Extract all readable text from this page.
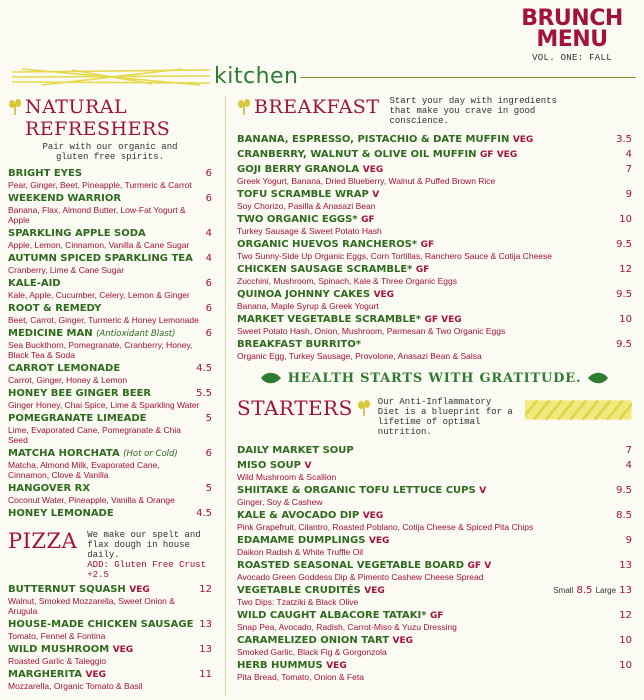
BRUNCH
MENU
VOL. ONE: FALL
kitchen
NATURAL REFRESHERS
Pair with our organic and gluten free spirits.
BRIGHT EYES
Pear, Ginger, Beet, Pineapple, Turmeric & Carrot
6
WEEKEND WARRIOR
Banana, Flax, Almond Butter, Low-Fat Yogurt & Apple
6
SPARKLING APPLE SODA
Apple, Lemon, Cinnamon, Vanilla & Cane Sugar
4
AUTUMN SPICED SPARKLING TEA
Cranberry, Lime & Cane Sugar
4
KALE-AID
Kale, Apple, Cucumber, Celery, Lemon & Ginger
6
ROOT & REMEDY
Beet, Carrot, Ginger, Turmeric & Honey Lemonade
6
MEDICINE MAN (Antioxidant Blast)
Sea Buckthorn, Pomegranate, Cranberry, Honey, Black Tea & Soda
6
CARROT LEMONADE
Carrot, Ginger, Honey & Lemon
4.5
HONEY BEE GINGER BEER
Ginger Honey, Chai Spice, Lime & Sparkling Water
5.5
POMEGRANATE LIMEADE
Lime, Evaporated Cane, Pomegranate & Chia Seed
5
MATCHA HORCHATA (Hot or Cold)
Matcha, Almond Milk, Evaporated Cane, Cinnamon, Clove & Vanilla
6
HANGOVER RX
Coconut Water, Pineapple, Vanilla & Orange
5
HONEY LEMONADE	4.5
PIZZA We make our spelt and flax dough in house daily.
ADD: Gluten Free Crust +2.5
BUTTERNUT SQUASH VEG
Walnut, Smoked Mozzarella, Sweet Onion & Arugula
12
HOUSE-MADE CHICKEN SAUSAGE
Tomato, Fennel & Fontina
13
WILD MUSHROOM VEG
Roasted Garlic & Taleggio
13
MARGHERITA VEG
Mozzarella, Organic Tomato & Basil
11
BREAKFAST Start your day with ingredients that make you crave in good conscience.
BANANA, ESPRESSO, PISTACHIO & DATE MUFFIN VEG	3.5
CRANBERRY, WALNUT & OLIVE OIL MUFFIN GF VEG	4
GOJI BERRY GRANOLA VEG
Greek Yogurt, Banana, Dried Blueberry, Walnut & Puffed Brown Rice
7
TOFU SCRAMBLE WRAP V
Soy Chorizo, Pasilla & Anasazi Bean
9
TWO ORGANIC EGGS* GF
Turkey Sausage & Sweet Potato Hash
10
ORGANIC HUEVOS RANCHEROS* GF
Two Sunny-Side Up Organic Eggs, Corn Tortillas, Ranchero Sauce & Cotija Cheese
9.5
CHICKEN SAUSAGE SCRAMBLE* GF
Zucchini, Mushroom, Spinach, Kale & Three Organic Eggs
12
QUINOA JOHNNY CAKES VEG
Banana, Maple Syrup & Greek Yogurt
9.5
MARKET VEGETABLE SCRAMBLE* GF VEG
Sweet Potato Hash, Onion, Mushroom, Parmesan & Two Organic Eggs
10
BREAKFAST BURRITO*
Organic Egg, Turkey Sausage, Provolone, Anasazi Bean & Salsa
9.5
HEALTH STARTS WITH GRATITUDE.
STARTERS	Our Anti-Inflammatory Diet is a blueprint for a lifetime of optimal nutrition.
DAILY MARKET SOUP	7
MISO SOUP V
Wild Mushroom & Scallion
4
SHIITAKE & ORGANIC TOFU LETTUCE CUPS V
Ginger, Soy & Cashew
9.5
KALE & AVOCADO DIP VEG
Pink Grapefruit, Cilantro, Roasted Poblano, Cotija Cheese & Spiced Pita Chips
8.5
EDAMAME DUMPLINGS VEG
Daikon Radish & White Truffle Oil
9
ROASTED SEASONAL VEGETABLE BOARD GF V
Avocado Green Goddess Dip & Pimento Cashew Cheese Spread
13
VEGETABLE CRUDITÉS VEG
Two Dips: Tzatziki & Black Olive
Small 8.5 Large 13
WILD CAUGHT ALBACORE TATAKI* GF
Snap Pea, Avocado, Radish, Carrot-Miso & Yuzu Dressing
12
CARAMELIZED ONION TART VEG
Smoked Garlic, Black Fig & Gorgonzola
10
HERB HUMMUS VEG
Pita Bread, Tomato, Onion & Feta
10
